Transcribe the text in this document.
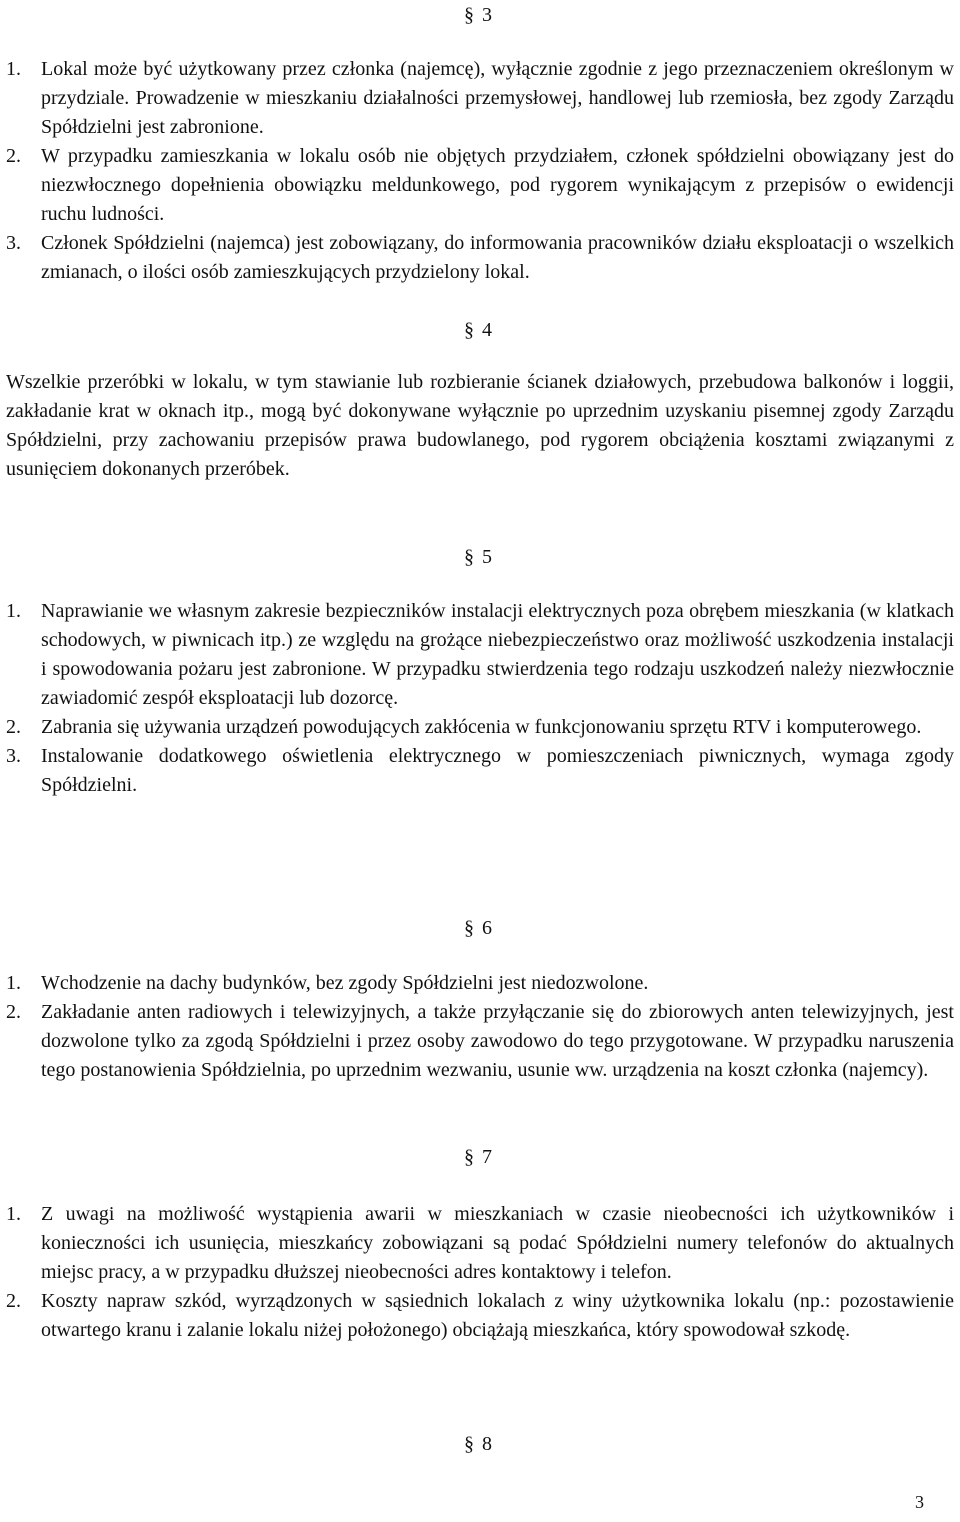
§ 3
1.	Lokal może być użytkowany przez członka (najemcę), wyłącznie zgodnie z jego przeznaczeniem określonym w przydziale. Prowadzenie w mieszkaniu działalności przemysłowej, handlowej lub rzemiosła, bez zgody Zarządu Spółdzielni jest zabronione.
2.	W przypadku zamieszkania w lokalu osób nie objętych przydziałem, członek spółdzielni obowiązany jest do niezwłocznego dopełnienia obowiązku meldunkowego, pod rygorem wynikającym z przepisów o ewidencji ruchu ludności.
3.	Członek Spółdzielni (najemca) jest zobowiązany, do informowania pracowników działu eksploatacji o wszelkich zmianach, o ilości osób zamieszkujących przydzielony lokal.
§ 4
Wszelkie przeróbki w lokalu, w tym stawianie lub rozbieranie ścianek działowych, przebudowa balkonów i loggii, zakładanie krat w oknach itp., mogą być dokonywane wyłącznie po uprzednim uzyskaniu pisemnej zgody Zarządu Spółdzielni, przy zachowaniu przepisów prawa budowlanego, pod rygorem obciążenia kosztami związanymi z usunięciem dokonanych przeróbek.
§ 5
1.	Naprawianie we własnym zakresie bezpieczników instalacji elektrycznych poza obrębem mieszkania (w klatkach schodowych, w piwnicach itp.) ze względu na grożące niebezpieczeństwo oraz możliwość uszkodzenia instalacji i spowodowania pożaru jest zabronione. W przypadku stwierdzenia tego rodzaju uszkodzeń należy niezwłocznie zawiadomić zespół eksploatacji lub dozorcę.
2.	Zabrania się używania urządzeń powodujących zakłócenia w funkcjonowaniu sprzętu RTV i komputerowego.
3.	Instalowanie dodatkowego oświetlenia elektrycznego w pomieszczeniach piwnicznych, wymaga zgody Spółdzielni.
§ 6
1.	Wchodzenie na dachy budynków, bez zgody Spółdzielni jest niedozwolone.
2.	Zakładanie anten radiowych i telewizyjnych, a także przyłączanie się do zbiorowych anten telewizyjnych, jest dozwolone tylko za zgodą Spółdzielni i przez osoby zawodowo do tego przygotowane. W przypadku naruszenia tego postanowienia Spółdzielnia, po uprzednim wezwaniu, usunie ww. urządzenia na koszt członka (najemcy).
§ 7
1.	Z uwagi na możliwość wystąpienia awarii w mieszkaniach w czasie nieobecności ich użytkowników i konieczności ich usunięcia, mieszkańcy zobowiązani są podać Spółdzielni numery telefonów do aktualnych miejsc pracy, a w przypadku dłuższej nieobecności adres kontaktowy i telefon.
2.	Koszty napraw szkód, wyrządzonych w sąsiednich lokalach z winy użytkownika lokalu (np.: pozostawienie otwartego kranu i zalanie lokalu niżej położonego) obciążają mieszkańca, który spowodował szkodę.
§ 8
3
